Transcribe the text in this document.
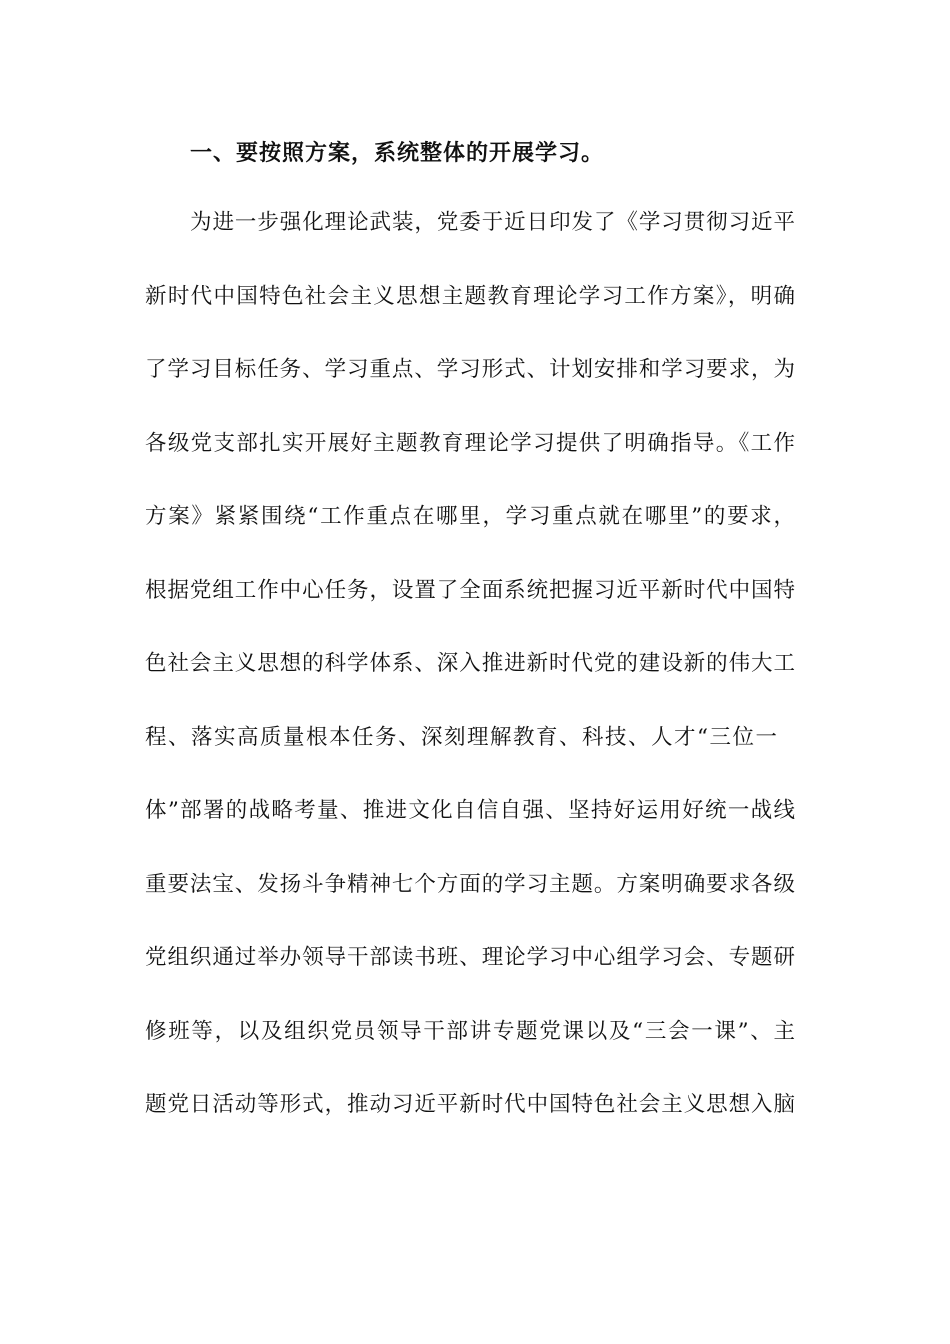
一、要按照方案，系统整体的开展学习。
为进一步强化理论武装，党委于近日印发了《学习贯彻习近平
新时代中国特色社会主义思想主题教育理论学习工作方案》，明确
了学习目标任务、学习重点、学习形式、计划安排和学习要求，为
各级党支部扎实开展好主题教育理论学习提供了明确指导。《工作
方案》紧紧围绕“工作重点在哪里，学习重点就在哪里”的要求，
根据党组工作中心任务，设置了全面系统把握习近平新时代中国特
色社会主义思想的科学体系、深入推进新时代党的建设新的伟大工
程、落实高质量根本任务、深刻理解教育、科技、人才“三位一
体”部署的战略考量、推进文化自信自强、坚持好运用好统一战线
重要法宝、发扬斗争精神七个方面的学习主题。方案明确要求各级
党组织通过举办领导干部读书班、理论学习中心组学习会、专题研
修班等，以及组织党员领导干部讲专题党课以及“三会一课”、主
题党日活动等形式，推动习近平新时代中国特色社会主义思想入脑
